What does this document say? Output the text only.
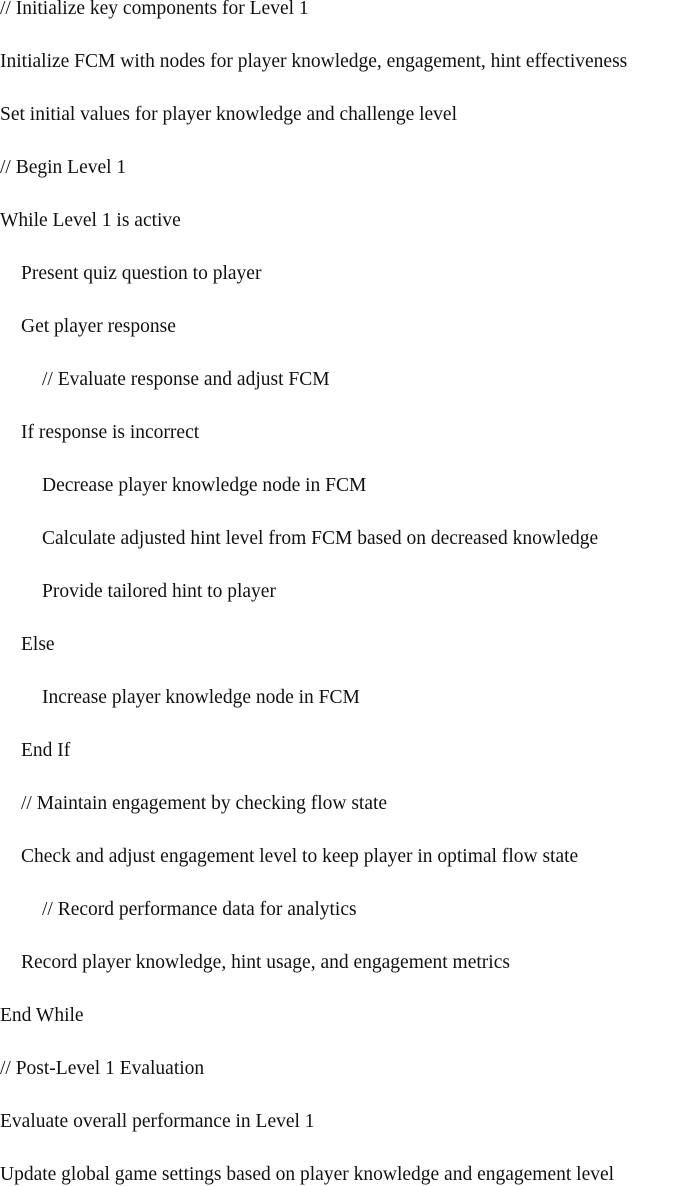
// Initialize key components for Level 1
Initialize FCM with nodes for player knowledge, engagement, hint effectiveness
Set initial values for player knowledge and challenge level
// Begin Level 1
While Level 1 is active
Present quiz question to player
Get player response
// Evaluate response and adjust FCM
If response is incorrect
Decrease player knowledge node in FCM
Calculate adjusted hint level from FCM based on decreased knowledge
Provide tailored hint to player
Else
Increase player knowledge node in FCM
End If
// Maintain engagement by checking flow state
Check and adjust engagement level to keep player in optimal flow state
// Record performance data for analytics
Record player knowledge, hint usage, and engagement metrics
End While
// Post-Level 1 Evaluation
Evaluate overall performance in Level 1
Update global game settings based on player knowledge and engagement level
